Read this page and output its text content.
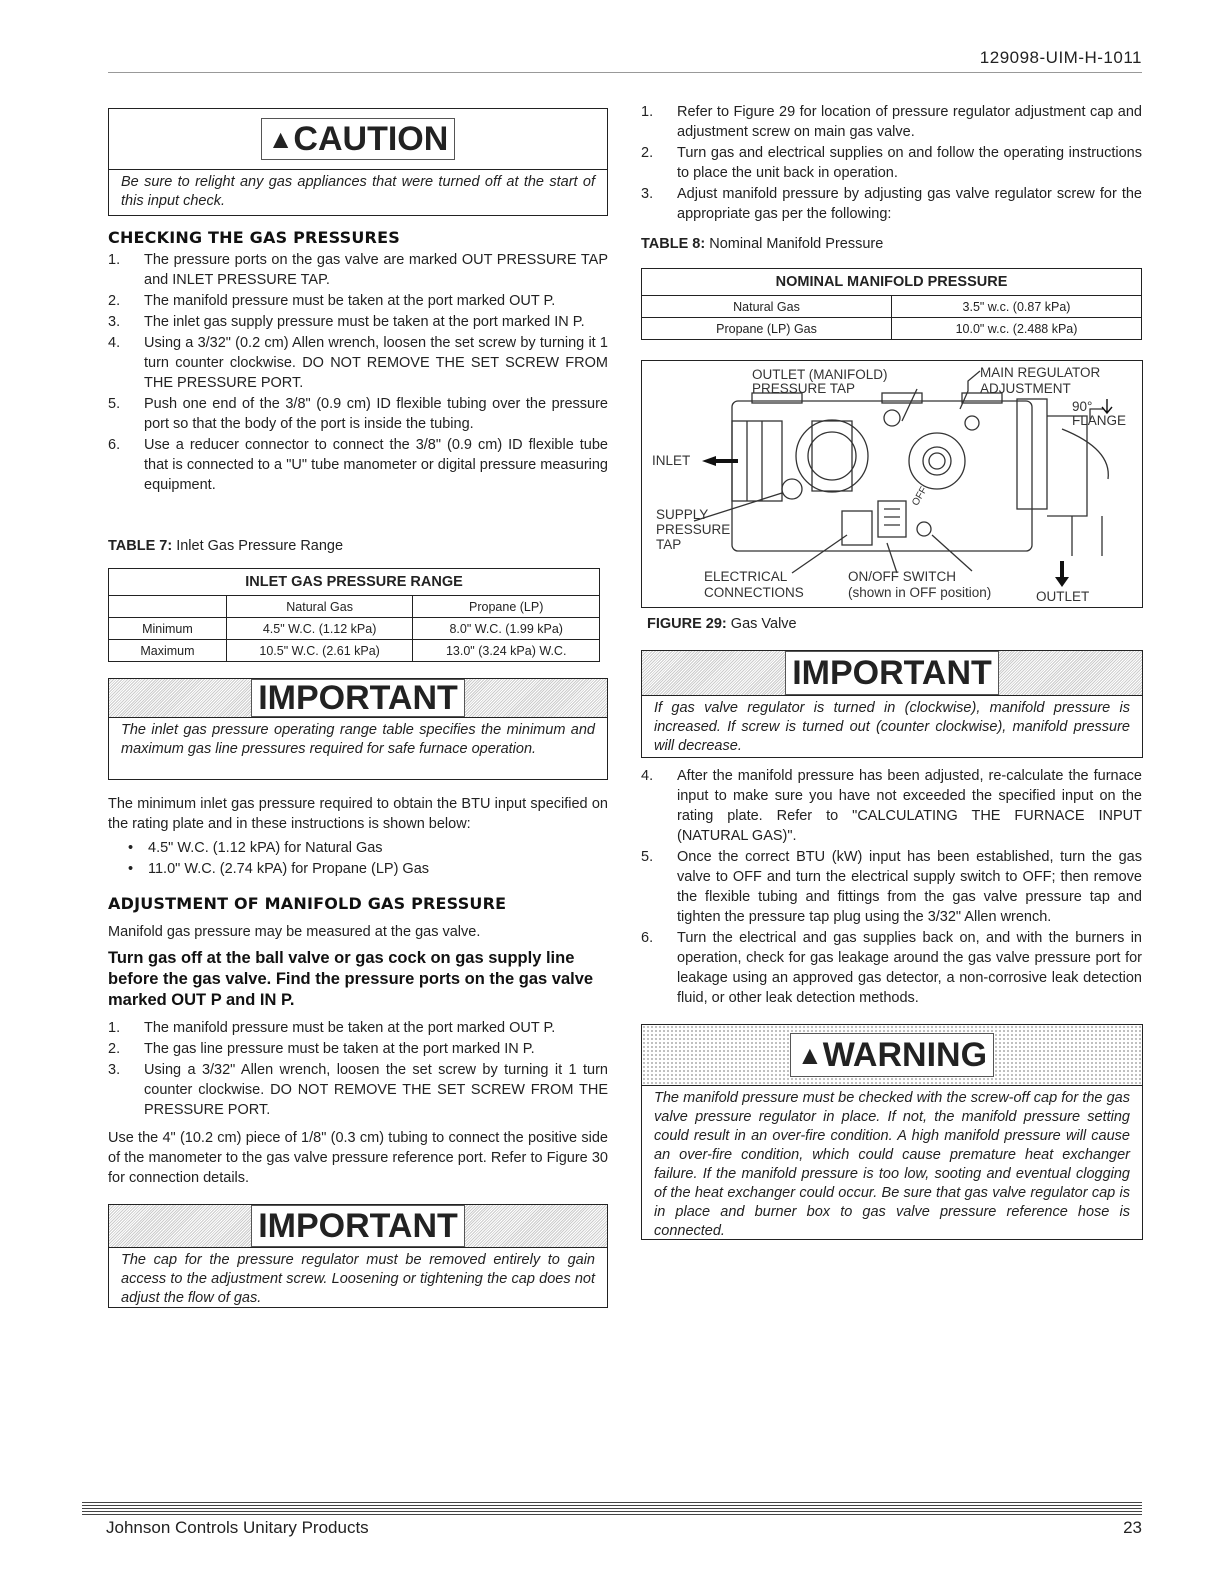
129098-UIM-H-1011
▲CAUTION
Be sure to relight any gas appliances that were turned off at the start of this input check.
CHECKING THE GAS PRESSURES
1. The pressure ports on the gas valve are marked OUT PRESSURE TAP and INLET PRESSURE TAP.
2. The manifold pressure must be taken at the port marked OUT P.
3. The inlet gas supply pressure must be taken at the port marked IN P.
4. Using a 3/32" (0.2 cm) Allen wrench, loosen the set screw by turning it 1 turn counter clockwise. DO NOT REMOVE THE SET SCREW FROM THE PRESSURE PORT.
5. Push one end of the 3/8" (0.9 cm) ID flexible tubing over the pressure port so that the body of the port is inside the tubing.
6. Use a reducer connector to connect the 3/8" (0.9 cm) ID flexible tube that is connected to a "U" tube manometer or digital pressure measuring equipment.
TABLE 7: Inlet Gas Pressure Range
INLET GAS PRESSURE RANGE		
	Natural Gas	Propane (LP)
Minimum	4.5" W.C. (1.12 kPa)	8.0" W.C. (1.99 kPa)
Maximum	10.5" W.C. (2.61 kPa)	13.0" (3.24 kPa) W.C.
IMPORTANT
The inlet gas pressure operating range table specifies the minimum and maximum gas line pressures required for safe furnace operation.
The minimum inlet gas pressure required to obtain the BTU input specified on the rating plate and in these instructions is shown below:
• 4.5" W.C. (1.12 kPA) for Natural Gas
• 11.0" W.C. (2.74 kPA) for Propane (LP) Gas
ADJUSTMENT OF MANIFOLD GAS PRESSURE
Manifold gas pressure may be measured at the gas valve.
Turn gas off at the ball valve or gas cock on gas supply line before the gas valve. Find the pressure ports on the gas valve marked OUT P and IN P.
1. The manifold pressure must be taken at the port marked OUT P.
2. The gas line pressure must be taken at the port marked IN P.
3. Using a 3/32" Allen wrench, loosen the set screw by turning it 1 turn counter clockwise. DO NOT REMOVE THE SET SCREW FROM THE PRESSURE PORT.
Use the 4" (10.2 cm) piece of 1/8" (0.3 cm) tubing to connect the positive side of the manometer to the gas valve pressure reference port. Refer to Figure 30 for connection details.
IMPORTANT
The cap for the pressure regulator must be removed entirely to gain access to the adjustment screw. Loosening or tightening the cap does not adjust the flow of gas.
1. Refer to Figure 29 for location of pressure regulator adjustment cap and adjustment screw on main gas valve.
2. Turn gas and electrical supplies on and follow the operating instructions to place the unit back in operation.
3. Adjust manifold pressure by adjusting gas valve regulator screw for the appropriate gas per the following:
TABLE 8: Nominal Manifold Pressure
NOMINAL MANIFOLD PRESSURE	
Natural Gas	3.5" w.c. (0.87 kPa)
Propane (LP) Gas	10.0" w.c. (2.488 kPa)
OUTLET (MANIFOLD)
PRESSURE TAP
MAIN REGULATOR
ADJUSTMENT
90°
FLANGE
INLET
SUPPLY
PRESSURE
TAP
ELECTRICAL
CONNECTIONS
ON/OFF SWITCH
(shown in OFF position)	OUTLET
OFF
FIGURE 29: Gas Valve
IMPORTANT
If gas valve regulator is turned in (clockwise), manifold pressure is increased. If screw is turned out (counter clockwise), manifold pressure will decrease.
4. After the manifold pressure has been adjusted, re-calculate the furnace input to make sure you have not exceeded the specified input on the rating plate. Refer to "CALCULATING THE FURNACE INPUT (NATURAL GAS)".
5. Once the correct BTU (kW) input has been established, turn the gas valve to OFF and turn the electrical supply switch to OFF; then remove the flexible tubing and fittings from the gas valve pressure tap and tighten the pressure tap plug using the 3/32" Allen wrench.
6. Turn the electrical and gas supplies back on, and with the burners in operation, check for gas leakage around the gas valve pressure port for leakage using an approved gas detector, a non-corrosive leak detection fluid, or other leak detection methods.
▲WARNING
The manifold pressure must be checked with the screw-off cap for the gas valve pressure regulator in place. If not, the manifold pressure setting could result in an over-fire condition. A high manifold pressure will cause an over-fire condition, which could cause premature heat exchanger failure. If the manifold pressure is too low, sooting and eventual clogging of the heat exchanger could occur. Be sure that gas valve regulator cap is in place and burner box to gas valve pressure reference hose is connected.
Johnson Controls Unitary Products	23
